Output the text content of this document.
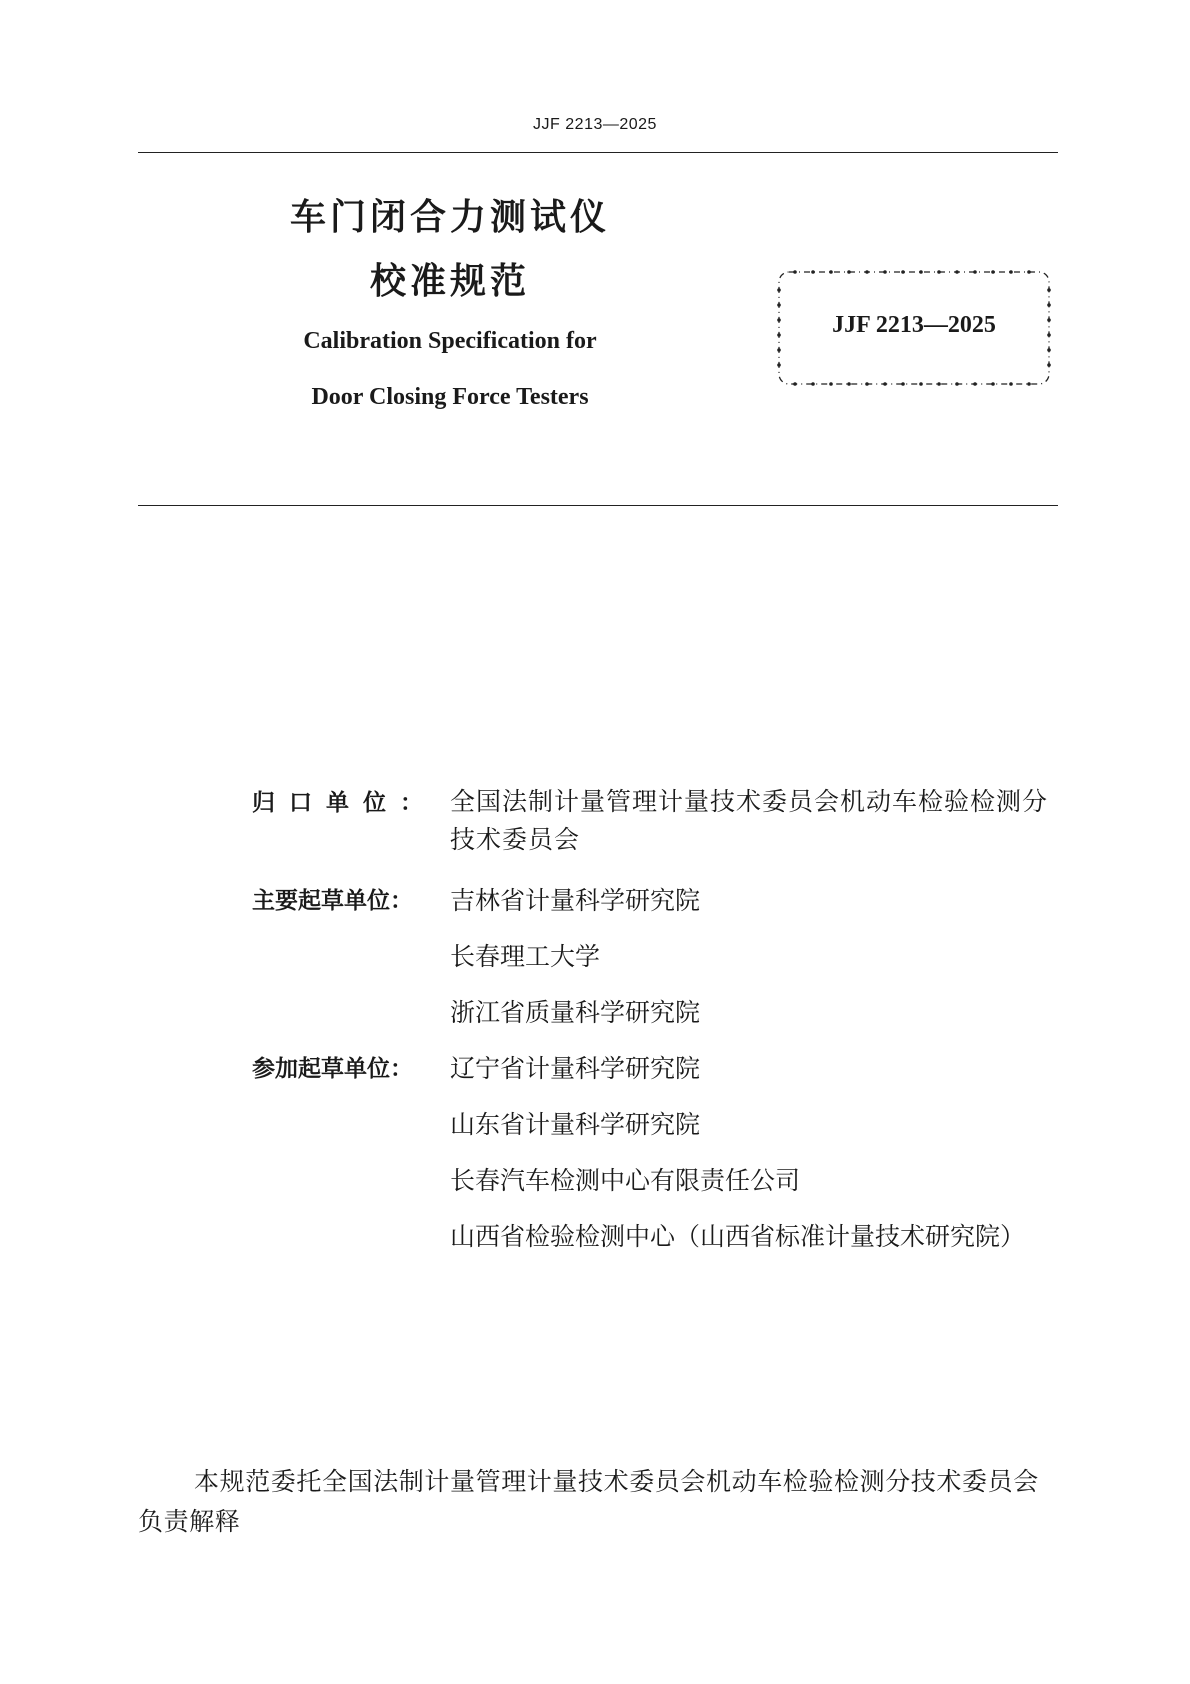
JJF 2213—2025

车门闭合力测试仪

校准规范

Calibration Specification for

Door Closing Force Testers

JJF 2213—2025
归口单位： 全国法制计量管理计量技术委员会机动车检验检测分技术委员会
主要起草单位：	吉林省计量科学研究院
长春理工大学
浙江省质量科学研究院
参加起草单位：	辽宁省计量科学研究院
山东省计量科学研究院
长春汽车检测中心有限责任公司
山西省检验检测中心（山西省标准计量技术研究院）
本规范委托全国法制计量管理计量技术委员会机动车检验检测分技术委员会负责解释
